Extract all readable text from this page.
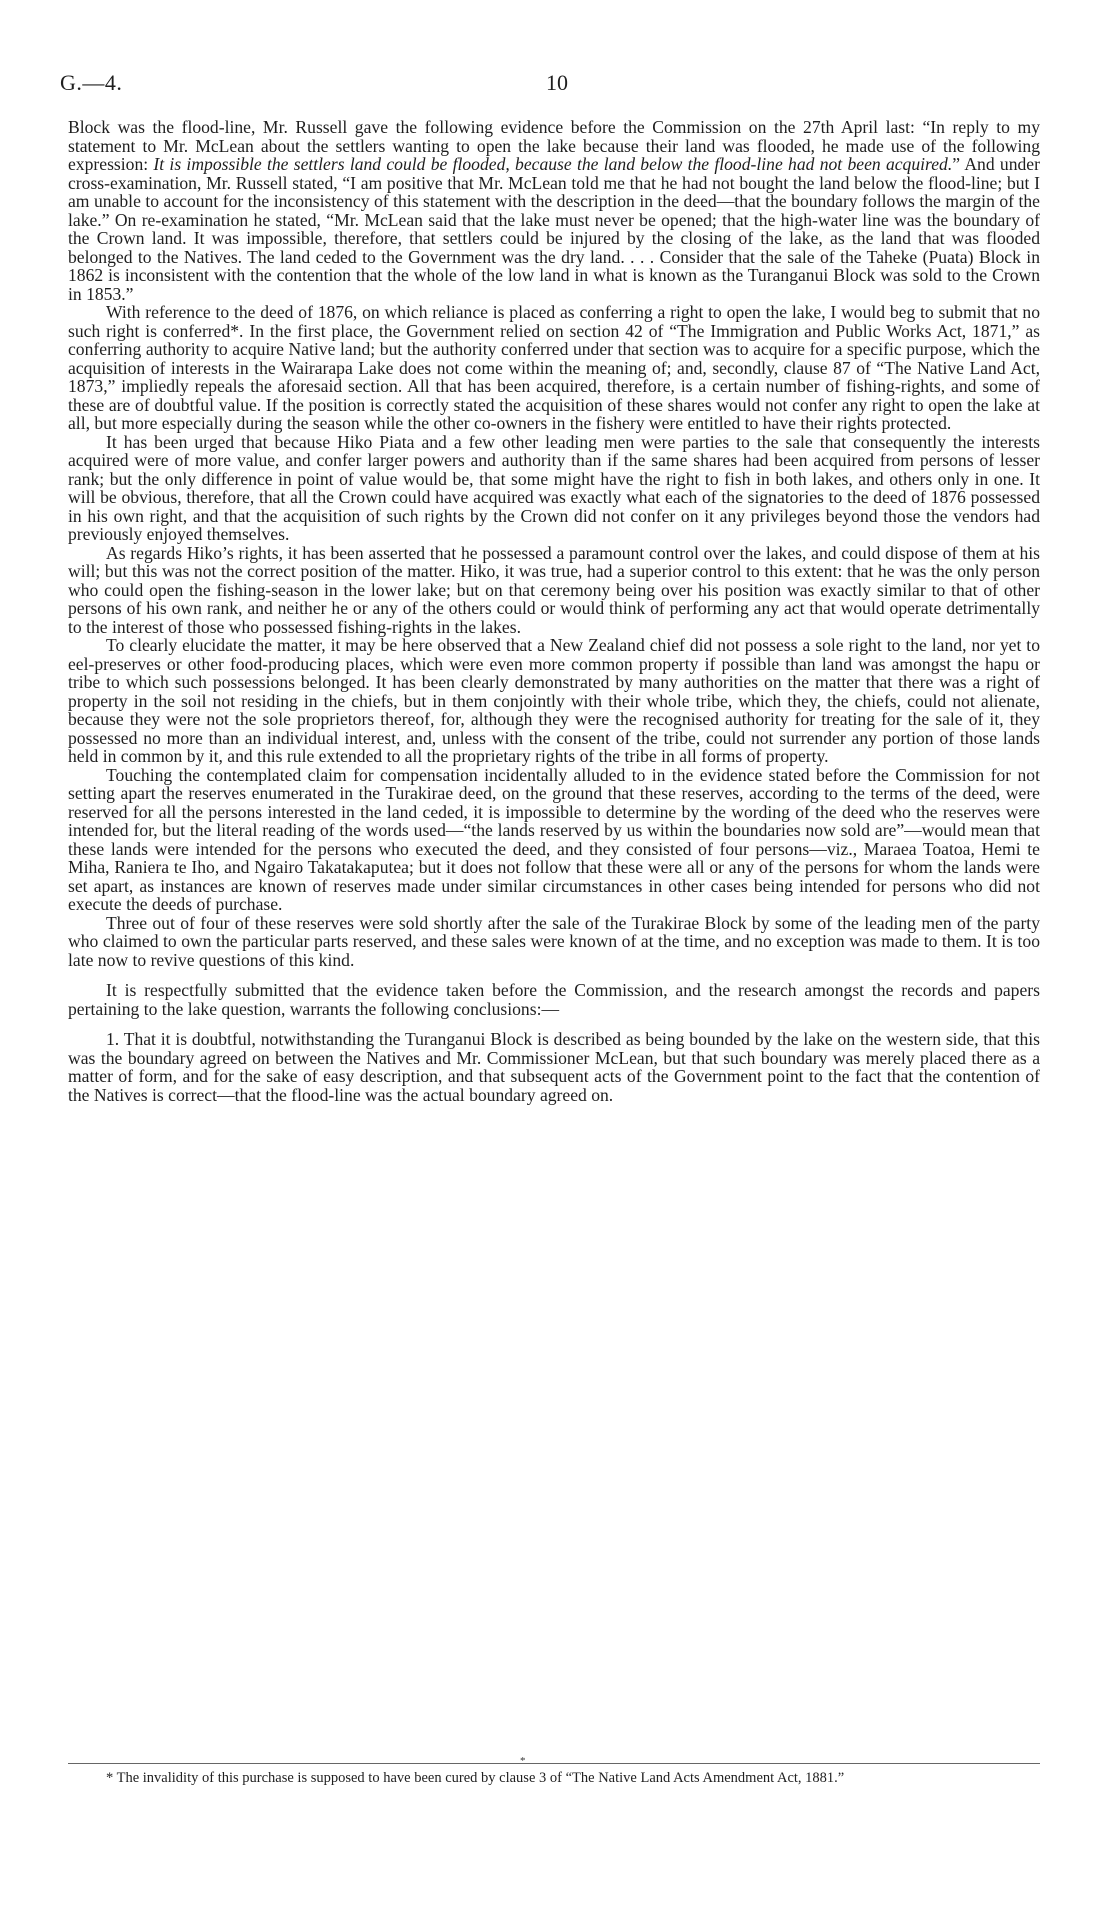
G.—4.	10

Block was the flood-line, Mr. Russell gave the following evidence before the Commission on the 27th April last: “In reply to my statement to Mr. McLean about the settlers wanting to open the lake because their land was flooded, he made use of the following expression: It is impossible the settlers land could be flooded, because the land below the flood-line had not been acquired.” And under cross-examination, Mr. Russell stated, “I am positive that Mr. McLean told me that he had not bought the land below the flood-line; but I am unable to account for the inconsistency of this statement with the description in the deed—that the boundary follows the margin of the lake.” On re-examination he stated, “Mr. McLean said that the lake must never be opened; that the high-water line was the boundary of the Crown land. It was impossible, therefore, that settlers could be injured by the closing of the lake, as the land that was flooded belonged to the Natives. The land ceded to the Government was the dry land. . . . Consider that the sale of the Taheke (Puata) Block in 1862 is inconsistent with the contention that the whole of the low land in what is known as the Turanganui Block was sold to the Crown in 1853.”

With reference to the deed of 1876, on which reliance is placed as conferring a right to open the lake, I would beg to submit that no such right is conferred*. In the first place, the Government relied on section 42 of “The Immigration and Public Works Act, 1871,” as conferring authority to acquire Native land; but the authority conferred under that section was to acquire for a specific purpose, which the acquisition of interests in the Wairarapa Lake does not come within the meaning of; and, secondly, clause 87 of “The Native Land Act, 1873,” impliedly repeals the aforesaid section. All that has been acquired, therefore, is a certain number of fishing-rights, and some of these are of doubtful value. If the position is correctly stated the acquisition of these shares would not confer any right to open the lake at all, but more especially during the season while the other co-owners in the fishery were entitled to have their rights protected.

It has been urged that because Hiko Piata and a few other leading men were parties to the sale that consequently the interests acquired were of more value, and confer larger powers and authority than if the same shares had been acquired from persons of lesser rank; but the only difference in point of value would be, that some might have the right to fish in both lakes, and others only in one. It will be obvious, therefore, that all the Crown could have acquired was exactly what each of the signatories to the deed of 1876 possessed in his own right, and that the acquisition of such rights by the Crown did not confer on it any privileges beyond those the vendors had previously enjoyed themselves.

As regards Hiko’s rights, it has been asserted that he possessed a paramount control over the lakes, and could dispose of them at his will; but this was not the correct position of the matter. Hiko, it was true, had a superior control to this extent: that he was the only person who could open the fishing-season in the lower lake; but on that ceremony being over his position was exactly similar to that of other persons of his own rank, and neither he or any of the others could or would think of performing any act that would operate detrimentally to the interest of those who possessed fishing-rights in the lakes.

To clearly elucidate the matter, it may be here observed that a New Zealand chief did not possess a sole right to the land, nor yet to eel-preserves or other food-producing places, which were even more common property if possible than land was amongst the hapu or tribe to which such possessions belonged. It has been clearly demonstrated by many authorities on the matter that there was a right of property in the soil not residing in the chiefs, but in them conjointly with their whole tribe, which they, the chiefs, could not alienate, because they were not the sole proprietors thereof, for, although they were the recognised authority for treating for the sale of it, they possessed no more than an individual interest, and, unless with the consent of the tribe, could not surrender any portion of those lands held in common by it, and this rule extended to all the proprietary rights of the tribe in all forms of property.

Touching the contemplated claim for compensation incidentally alluded to in the evidence stated before the Commission for not setting apart the reserves enumerated in the Turakirae deed, on the ground that these reserves, according to the terms of the deed, were reserved for all the persons interested in the land ceded, it is impossible to determine by the wording of the deed who the reserves were intended for, but the literal reading of the words used—“the lands reserved by us within the boundaries now sold are”—would mean that these lands were intended for the persons who executed the deed, and they consisted of four persons—viz., Maraea Toatoa, Hemi te Miha, Raniera te Iho, and Ngairo Takatakaputea; but it does not follow that these were all or any of the persons for whom the lands were set apart, as instances are known of reserves made under similar circumstances in other cases being intended for persons who did not execute the deeds of purchase.

Three out of four of these reserves were sold shortly after the sale of the Turakirae Block by some of the leading men of the party who claimed to own the particular parts reserved, and these sales were known of at the time, and no exception was made to them. It is too late now to revive questions of this kind.

It is respectfully submitted that the evidence taken before the Commission, and the research amongst the records and papers pertaining to the lake question, warrants the following conclusions:—

1. That it is doubtful, notwithstanding the Turanganui Block is described as being bounded by the lake on the western side, that this was the boundary agreed on between the Natives and Mr. Commissioner McLean, but that such boundary was merely placed there as a matter of form, and for the sake of easy description, and that subsequent acts of the Government point to the fact that the contention of the Natives is correct—that the flood-line was the actual boundary agreed on.

*
* The invalidity of this purchase is supposed to have been cured by clause 3 of “The Native Land Acts Amendment Act, 1881.”
